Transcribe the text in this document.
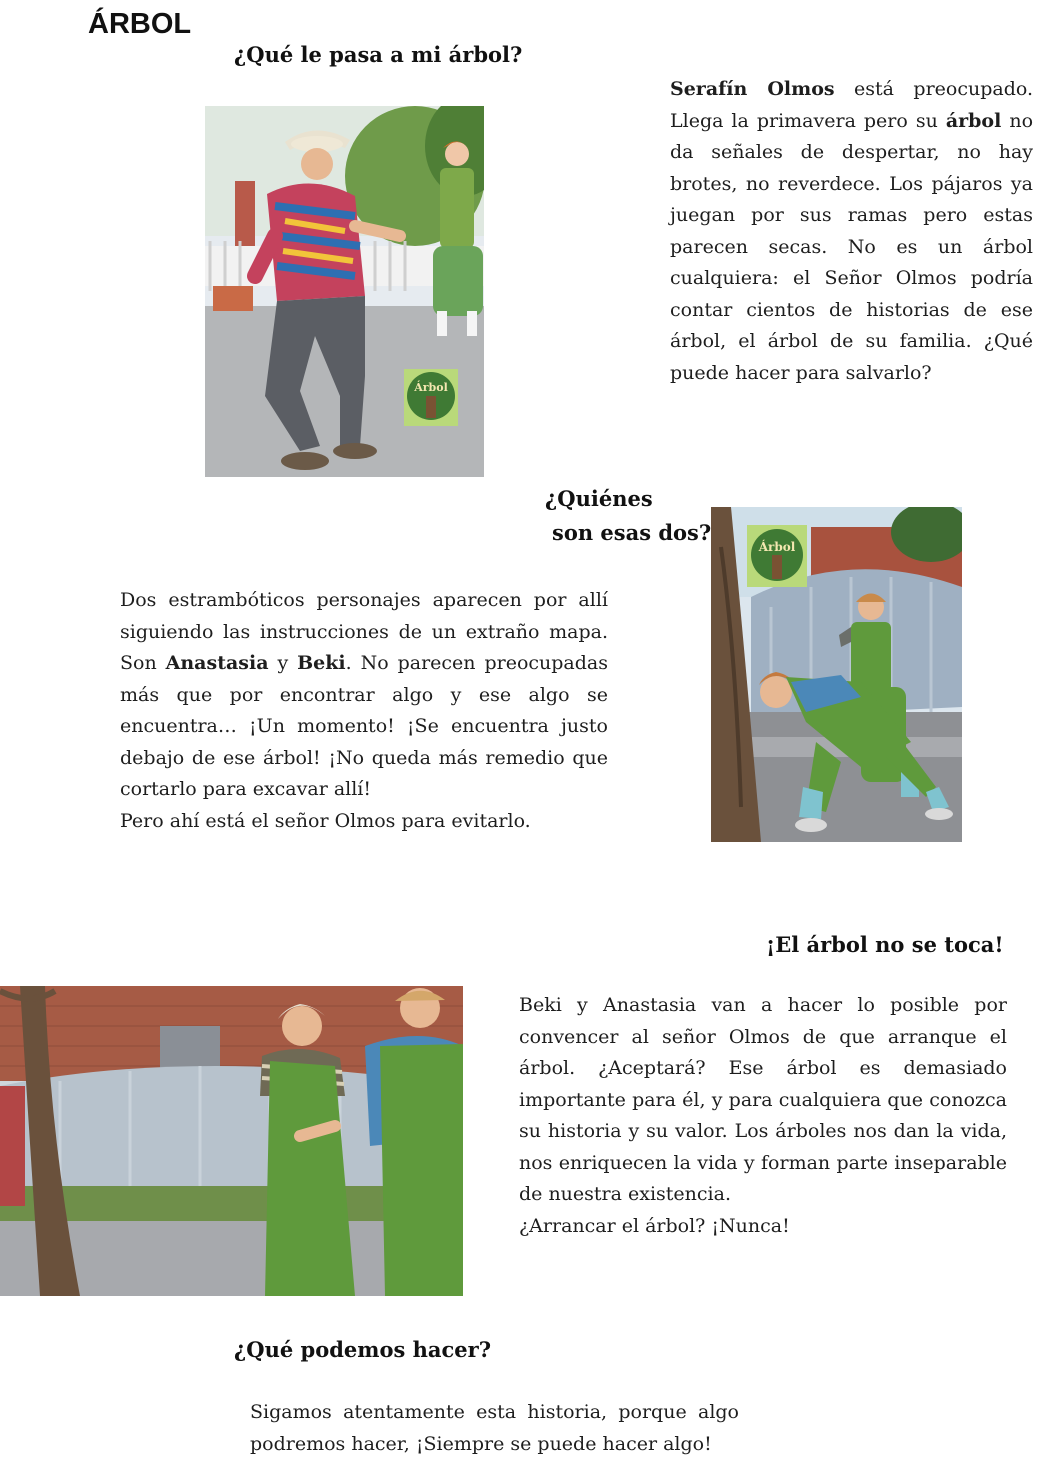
ÁRBOL
¿Qué le pasa a mi árbol?
Árbol
Serafín Olmos está preocupado. Llega la primavera pero su árbol no da señales de despertar, no hay brotes, no reverdece. Los pájaros ya juegan por sus ramas pero estas parecen secas. No es un árbol cualquiera: el Señor Olmos podría contar cientos de historias de ese árbol, el árbol de su familia. ¿Qué puede hacer para salvarlo?
¿Quiénes
son esas dos?
Dos estrambóticos personajes aparecen por allí siguiendo las instrucciones de un extraño mapa. Son Anastasia y Beki. No parecen preocupadas más que por encontrar algo y ese algo se encuentra… ¡Un momento! ¡Se encuentra justo debajo de ese árbol! ¡No queda más remedio que cortarlo para excavar allí!
Pero ahí está el señor Olmos para evitarlo.
Árbol
¡El árbol no se toca!
Beki y Anastasia van a hacer lo posible por convencer al señor Olmos de que arranque el árbol. ¿Aceptará? Ese árbol es demasiado importante para él, y para cualquiera que conozca su historia y su valor. Los árboles nos dan la vida, nos enriquecen la vida y forman parte inseparable de nuestra existencia.
¿Arrancar el árbol? ¡Nunca!
¿Qué podemos hacer?
Sigamos atentamente esta historia, porque algo
podremos hacer, ¡Siempre se puede hacer algo!
